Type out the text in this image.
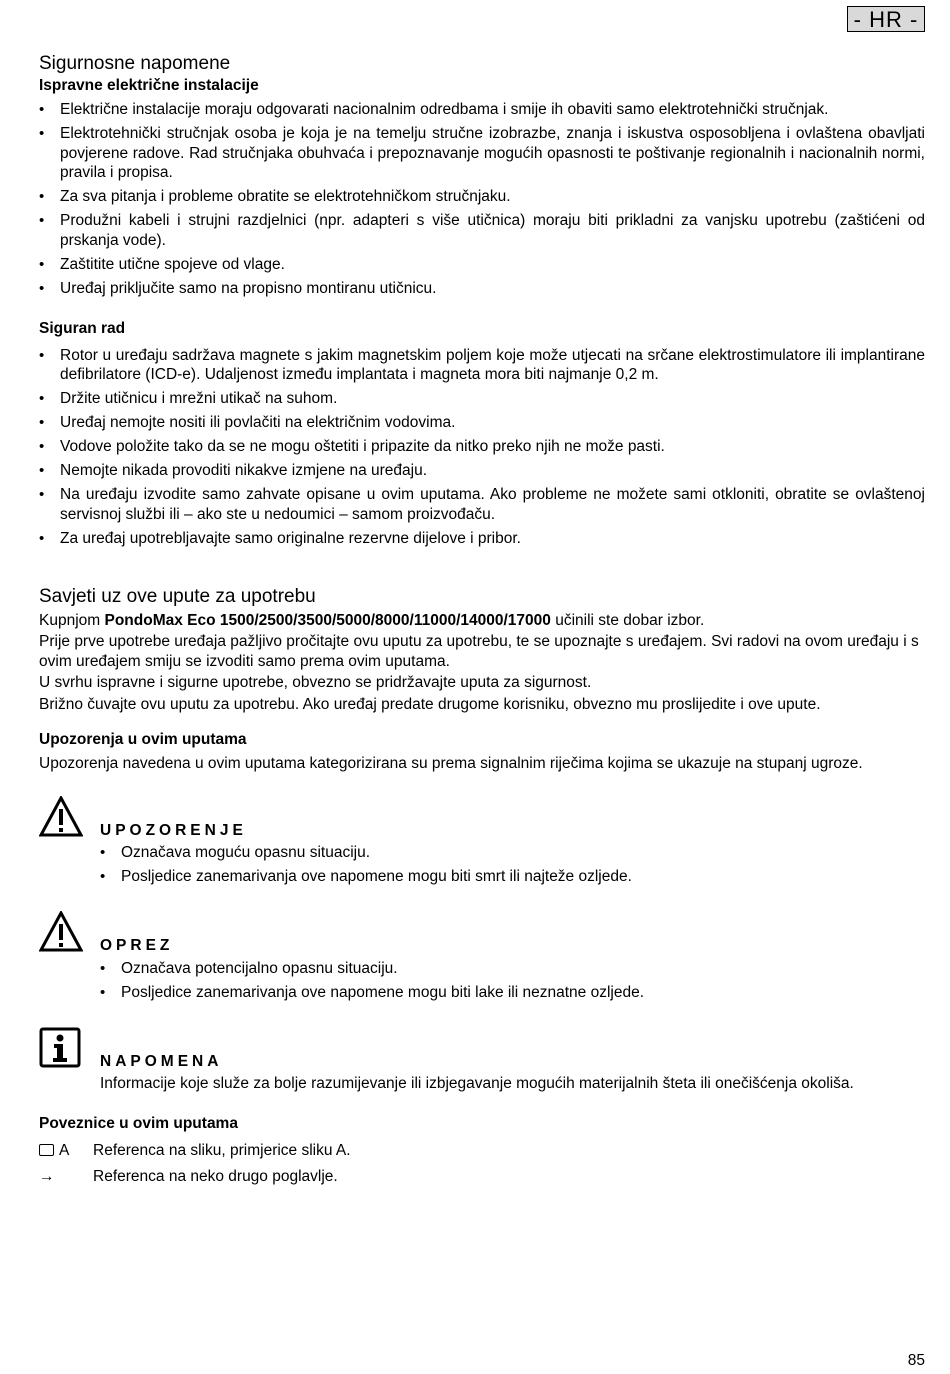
- HR -
Sigurnosne napomene
Ispravne električne instalacije
• Električne instalacije moraju odgovarati nacionalnim odredbama i smije ih obaviti samo elektrotehnički stručnjak.
• Elektrotehnički stručnjak osoba je koja je na temelju stručne izobrazbe, znanja i iskustva osposobljena i ovlaštena obavljati povjerene radove. Rad stručnjaka obuhvaća i prepoznavanje mogućih opasnosti te poštivanje regionalnih i nacionalnih normi, pravila i propisa.
• Za sva pitanja i probleme obratite se elektrotehničkom stručnjaku.
• Produžni kabeli i strujni razdjelnici (npr. adapteri s više utičnica) moraju biti prikladni za vanjsku upotrebu (zaštićeni od prskanja vode).
• Zaštitite utične spojeve od vlage.
• Uređaj priključite samo na propisno montiranu utičnicu.
Siguran rad
• Rotor u uređaju sadržava magnete s jakim magnetskim poljem koje može utjecati na srčane elektrostimulatore ili implantirane defibrilatore (ICD-e). Udaljenost između implantata i magneta mora biti najmanje 0,2 m.
• Držite utičnicu i mrežni utikač na suhom.
• Uređaj nemojte nositi ili povlačiti na električnim vodovima.
• Vodove položite tako da se ne mogu oštetiti i pripazite da nitko preko njih ne može pasti.
• Nemojte nikada provoditi nikakve izmjene na uređaju.
• Na uređaju izvodite samo zahvate opisane u ovim uputama. Ako probleme ne možete sami otkloniti, obratite se ovlaštenoj servisnoj službi ili – ako ste u nedoumici – samom proizvođaču.
• Za uređaj upotrebljavajte samo originalne rezervne dijelove i pribor.
Savjeti uz ove upute za upotrebu

Kupnjom PondoMax Eco 1500/2500/3500/5000/8000/11000/14000/17000 učinili ste dobar izbor.

Prije prve upotrebe uređaja pažljivo pročitajte ovu uputu za upotrebu, te se upoznajte s uređajem. Svi radovi na ovom uređaju i s ovim uređajem smiju se izvoditi samo prema ovim uputama.

U svrhu ispravne i sigurne upotrebe, obvezno se pridržavajte uputa za sigurnost.

Brižno čuvajte ovu uputu za upotrebu. Ako uređaj predate drugome korisniku, obvezno mu proslijedite i ove upute.

Upozorenja u ovim uputama

Upozorenja navedena u ovim uputama kategorizirana su prema signalnim riječima kojima se ukazuje na stupanj ugroze.

UPOZORENJE
• Označava moguću opasnu situaciju.
• Posljedice zanemarivanja ove napomene mogu biti smrt ili najteže ozljede.
OPREZ
• Označava potencijalno opasnu situaciju.
• Posljedice zanemarivanja ove napomene mogu biti lake ili neznatne ozljede.
NAPOMENA

Informacije koje služe za bolje razumijevanje ili izbjegavanje mogućih materijalnih šteta ili onečišćenja okoliša.

Poveznice u ovim uputama
A	Referenca na sliku, primjerice sliku A.
→	Referenca na neko drugo poglavlje.
85
